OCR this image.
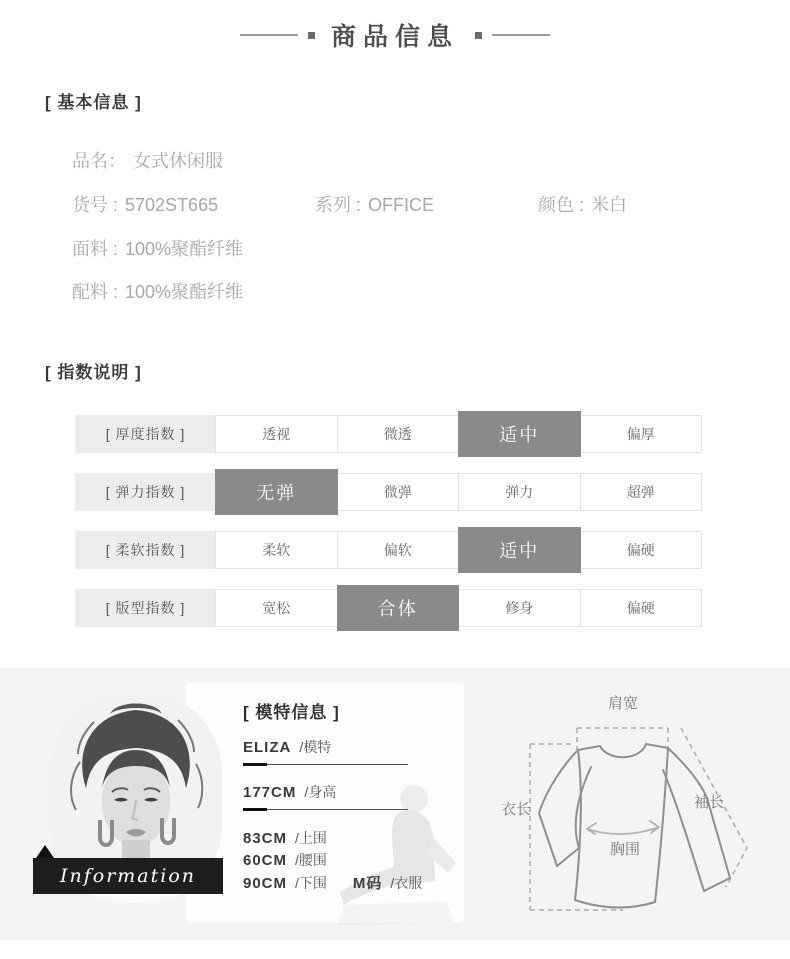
商品信息
[ 基本信息 ]
品名： 女式休闲服
货号 : 5702ST665	系列 : OFFICE	颜色 : 米白
面料 : 100%聚酯纤维
配料 : 100%聚酯纤维
[ 指数说明 ]
[ 厚度指数 ]	透视	微透	适中	偏厚
[ 弹力指数 ]	无弹	微弹	弹力	超弹
[ 柔软指数 ]	柔软	偏软	适中	偏硬
[ 版型指数 ]	宽松	合体	修身	偏硬
Information
[ 模特信息 ]
ELIZA /模特
177CM /身高
83CM /上围
60CM /腰围
90CM /下围 M码 /衣服
肩宽
衣长	袖长
胸围
